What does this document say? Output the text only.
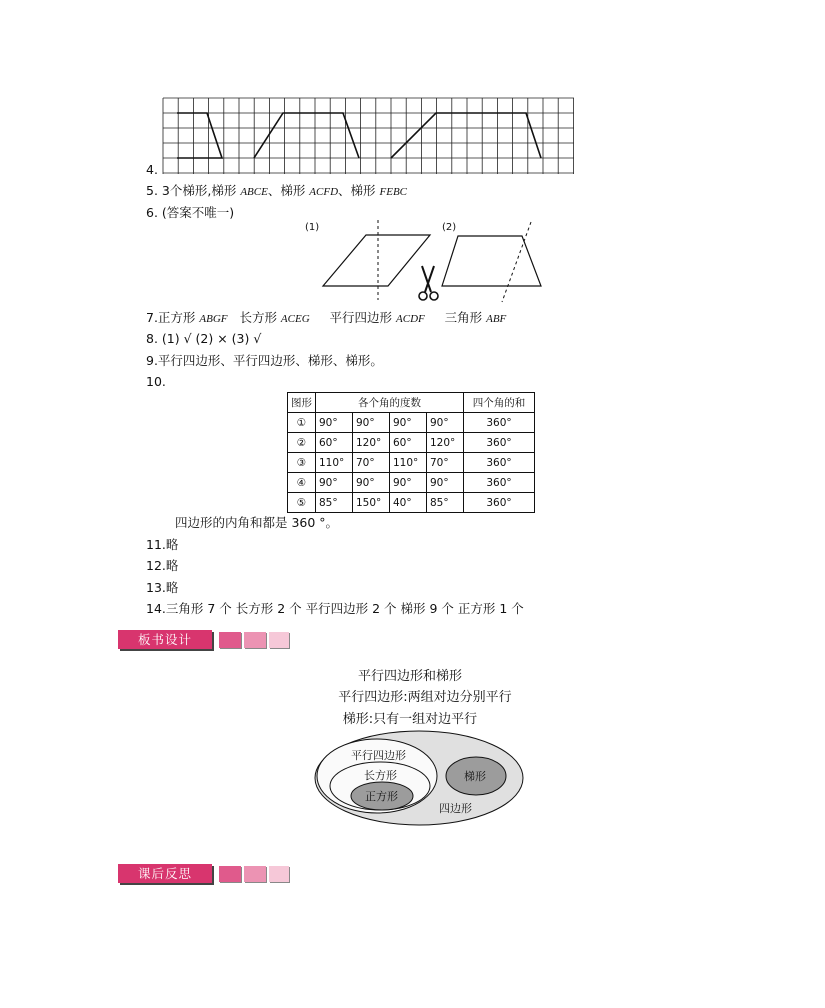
4.
5. 3个梯形,梯形 ABCE、梯形 ACFD、梯形 FEBC
6. (答案不唯一)
(1)	(2)
7.正方形 ABGF 长方形 ACEG 平行四边形 ACDF 三角形 ABF
8. (1) √ (2) × (3) √
9.平行四边形、平行四边形、梯形、梯形。
10.
图形	各个角的度数				四个角的和
①	90°	90°	90°	90°	360°
②	60°	120°	60°	120°	360°
③	110°	70°	110°	70°	360°
④	90°	90°	90°	90°	360°
⑤	85°	150°	40°	85°	360°
四边形的内角和都是 360 °。
11.略
12.略
13.略
14.三角形 7 个 长方形 2 个 平行四边形 2 个 梯形 9 个 正方形 1 个
板书设计
平行四边形和梯形
平行四边形:两组对边分别平行
梯形:只有一组对边平行
平行四边形
长方形
正方形
梯形
四边形
课后反思
